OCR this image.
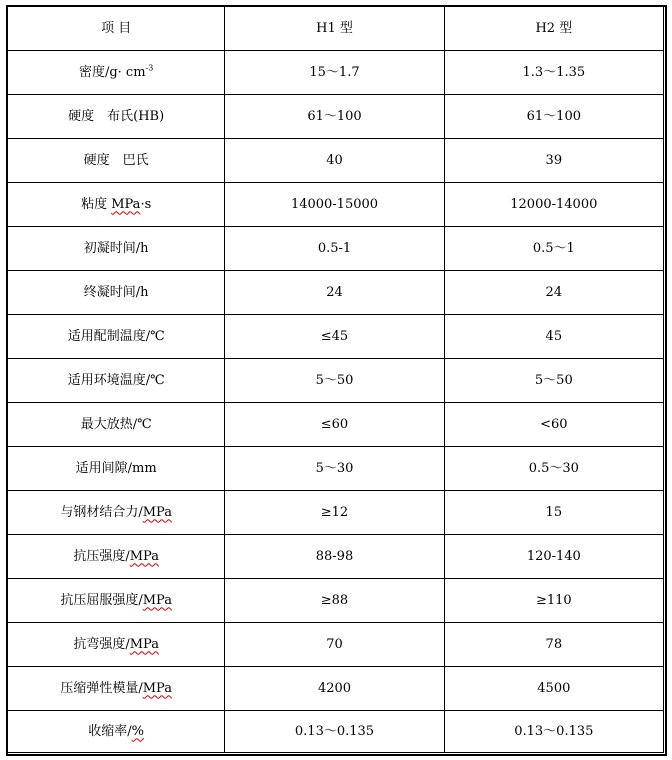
项 目	H1 型	H2 型
密度$/g\cdot cm^{-3}$	15～1.7	1.3～1.35
硬度　布氏(HB)	61～100	61～100
硬度　巴氏	40	39
粘度 MPa·s	14000-15000	12000-14000
初凝时间/h	0.5-1	0.5～1
终凝时间/h	24	24
适用配制温度/℃	≤45	45
适用环境温度/℃	5～50	5～50
最大放热/℃	≤60	<60
适用间隙/mm	5～30	0.5～30
与钢材结合力/MPa	≥12	15
抗压强度/MPa	88-98	120-140
抗压屈服强度/MPa	≥88	≥110
抗弯强度/MPa	70	78
压缩弹性模量/MPa	4200	4500
收缩率/%	0.13～0.135	0.13～0.135
